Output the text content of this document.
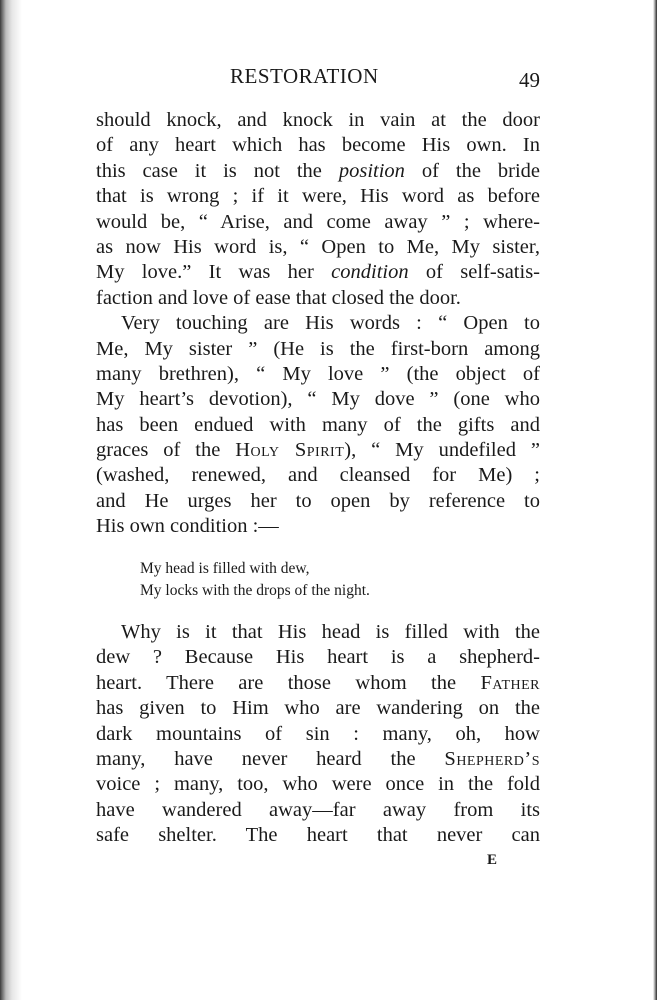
RESTORATION	49
should knock, and knock in vain at the door
of any heart which has become His own. In
this case it is not the position of the bride
that is wrong ; if it were, His word as before
would be, “ Arise, and come away ” ; where-
as now His word is, “ Open to Me, My sister,
My love.” It was her condition of self-satis-
faction and love of ease that closed the door.
Very touching are His words : “ Open to
Me, My sister ” (He is the first-born among
many brethren), “ My love ” (the object of
My heart’s devotion), “ My dove ” (one who
has been endued with many of the gifts and
graces of the Holy Spirit), “ My undefiled ”
(washed, renewed, and cleansed for Me) ;
and He urges her to open by reference to
His own condition :—
My head is filled with dew,
My locks with the drops of the night.
Why is it that His head is filled with the
dew ? Because His heart is a shepherd-
heart. There are those whom the Father
has given to Him who are wandering on the
dark mountains of sin : many, oh, how
many, have never heard the Shepherd’s
voice ; many, too, who were once in the fold
have wandered away—far away from its
safe shelter. The heart that never can
E
